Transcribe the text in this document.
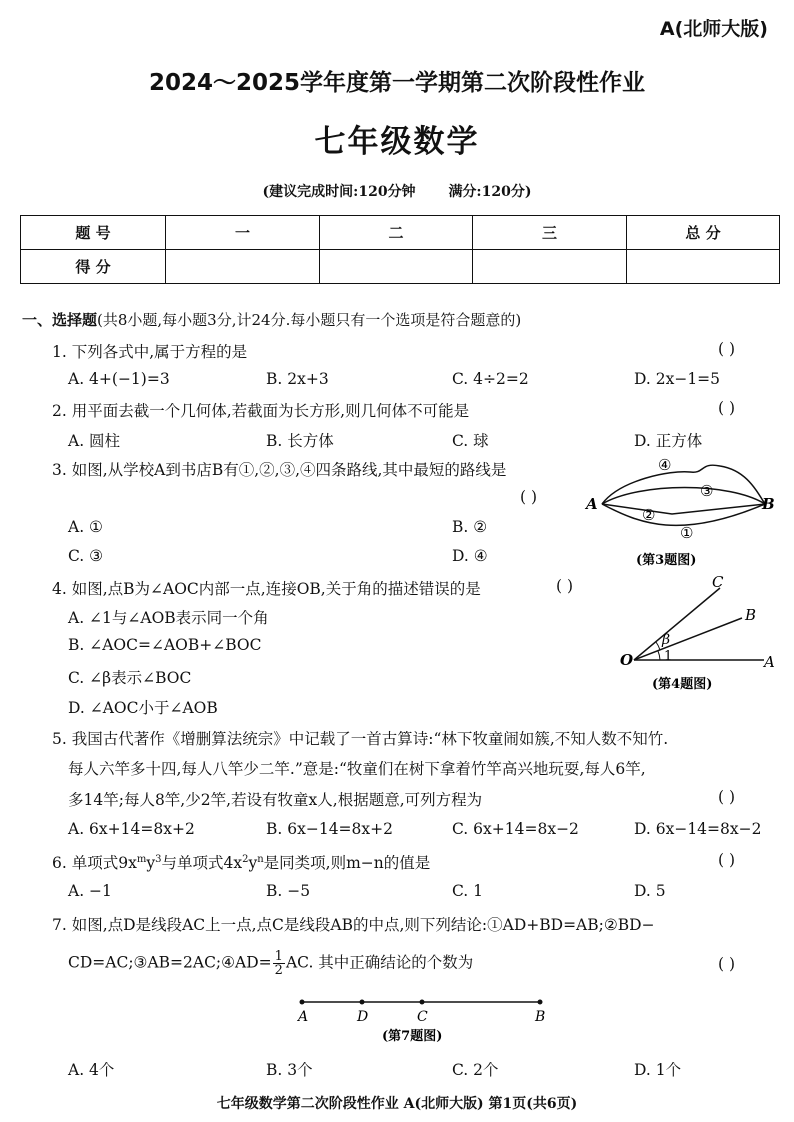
A(北师大版)
2024～2025学年度第一学期第二次阶段性作业
七年级数学
(建议完成时间:120分钟 满分:120分)
题 号	一	二	三	总 分
得 分				
一、选择题(共8小题,每小题3分,计24分.每小题只有一个选项是符合题意的)
1. 下列各式中,属于方程的是	( )
A. 4+(−1)=3	B. 2x+3	C. 4÷2=2	D. 2x−1=5
2. 用平面去截一个几何体,若截面为长方形,则几何体不可能是	( )
A. 圆柱	B. 长方体	C. 球	D. 正方体
3. 如图,从学校A到书店B有①,②,③,④四条路线,其中最短的路线是
( )
A. ①	B. ②
C. ③	D. ④
A	B
①
②
③
④
(第3题图)
4. 如图,点B为∠AOC内部一点,连接OB,关于角的描述错误的是	( )
A. ∠1与∠AOB表示同一个角
B. ∠AOC=∠AOB+∠BOC
C. ∠β表示∠BOC
D. ∠AOC小于∠AOB
C
B
β
O 1	A
(第4题图)
5. 我国古代著作《增删算法统宗》中记载了一首古算诗:“林下牧童闹如簇,不知人数不知竹.
每人六竿多十四,每人八竿少二竿.”意是:“牧童们在树下拿着竹竿高兴地玩耍,每人6竿,
多14竿;每人8竿,少2竿,若设有牧童x人,根据题意,可列方程为	( )
A. 6x+14=8x+2	B. 6x−14=8x+2	C. 6x+14=8x−2	D. 6x−14=8x−2
6. 单项式$9x^my^3$与单项式$4x^2y^n$是同类项,则m−n的值是	( )
A. −1	B. −5	C. 1	D. 5
7. 如图,点D是线段AC上一点,点C是线段AB的中点,则下列结论:①AD+BD=AB;②BD−
CD=AC;③AB=2AC;④AD= $\frac{1}{2}$ AC. 其中正确结论的个数为	( )
A	D	C	B
(第7题图)
A. 4个	B. 3个	C. 2个	D. 1个
七年级数学第二次阶段性作业 A(北师大版) 第1页(共6页)
